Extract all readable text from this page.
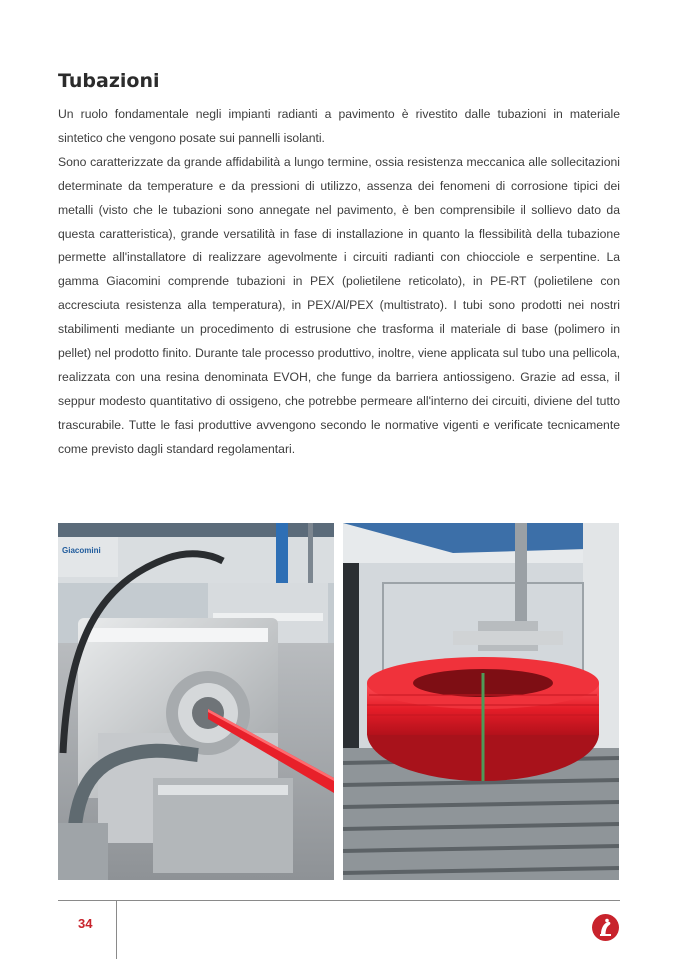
Tubazioni

Un ruolo fondamentale negli impianti radianti a pavimento è rivestito dalle tubazioni in materiale sintetico che vengono posate sui pannelli isolanti.

Sono caratterizzate da grande affidabilità a lungo termine, ossia resistenza meccanica alle sollecitazioni determinate da temperature e da pressioni di utilizzo, assenza dei fenomeni di corrosione tipici dei metalli (visto che le tubazioni sono annegate nel pavimento, è ben comprensibile il sollievo dato da questa caratteristica), grande versatilità in fase di installazione in quanto la flessibilità della tubazione permette all'installatore di realizzare agevolmente i circuiti radianti con chiocciole e serpentine. La gamma Giacomini comprende tubazioni in PEX (polietilene reticolato), in PE-RT (polietilene con accresciuta resistenza alla temperatura), in PEX/Al/PEX (multistrato). I tubi sono prodotti nei nostri stabilimenti mediante un procedimento di estrusione che trasforma il materiale di base (polimero in pellet) nel prodotto finito. Durante tale processo produttivo, inoltre, viene applicata sul tubo una pellicola, realizzata con una resina denominata EVOH, che funge da barriera antiossigeno. Grazie ad essa, il seppur modesto quantitativo di ossigeno, che potrebbe permeare all'interno dei circuiti, diviene del tutto trascurabile. Tutte le fasi produttive avvengono secondo le normative vigenti e verificate tecnicamente come previsto dagli standard regolamentari.

Giacomini
34
